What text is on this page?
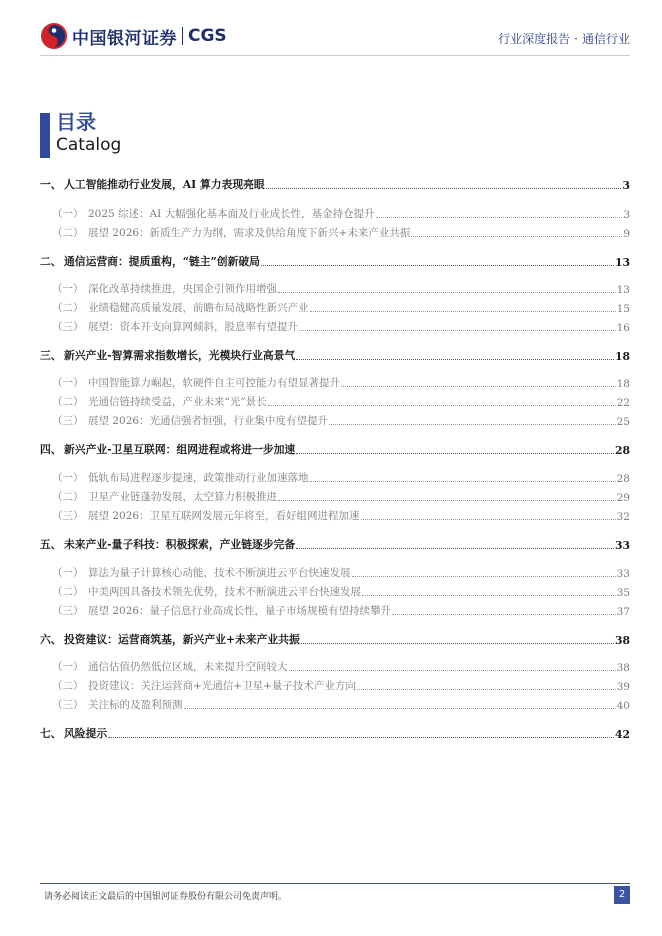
中国银河证券 CGS	行业深度报告 · 通信行业
目录
Catalog
一、 人工智能推动行业发展，AI 算力表现亮眼	3
（一） 2025 综述：AI 大幅强化基本面及行业成长性，基金持仓提升	3
（二） 展望 2026：新质生产力为纲，需求及供给角度下新兴+未来产业共振	9
二、 通信运营商：提质重构，“链主”创新破局	13
（一） 深化改革持续推进，央国企引领作用增强	13
（二） 业绩稳健高质量发展，前瞻布局战略性新兴产业	15
（三） 展望：资本开支向算网倾斜，股息率有望提升	16
三、 新兴产业-智算需求指数增长，光模块行业高景气	18
（一） 中国智能算力崛起，软硬件自主可控能力有望显著提升	18
（二） 光通信链持续受益，产业未来“光”景长	22
（三） 展望 2026：光通信强者恒强，行业集中度有望提升	25
四、 新兴产业-卫星互联网：组网进程或将进一步加速	28
（一） 低轨布局进程逐步提速，政策推动行业加速落地	28
（二） 卫星产业链蓬勃发展，太空算力积极推进	29
（三） 展望 2026：卫星互联网发展元年将至，看好组网进程加速	32
五、 未来产业-量子科技：积极探索，产业链逐步完备	33
（一） 算法为量子计算核心动能，技术不断演进云平台快速发展	33
（二） 中美两国具备技术领先优势，技术不断演进云平台快速发展	35
（三） 展望 2026：量子信息行业高成长性，量子市场规模有望持续攀升	37
六、 投资建议：运营商筑基，新兴产业+未来产业共振	38
（一） 通信估值仍然低位区域，未来提升空间较大	38
（二） 投资建议：关注运营商+光通信+卫星+量子技术产业方向	39
（三） 关注标的及盈利预测	40
七、 风险提示	42
请务必阅读正文最后的中国银河证券股份有限公司免责声明。	2
